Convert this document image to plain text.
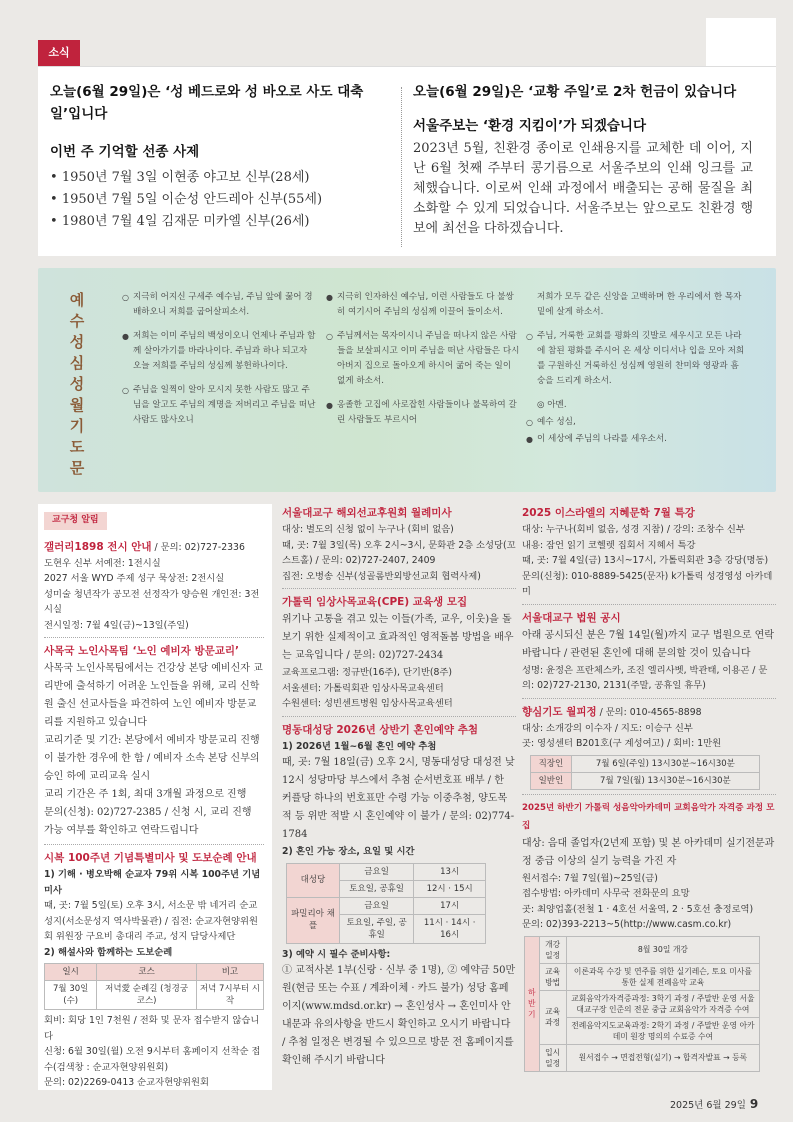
소식
오늘(6월 29일)은 ‘성 베드로와 성 바오로 사도 대축일’입니다
이번 주 기억할 선종 사제
• 1950년 7월 3일 이현종 야고보 신부(28세)
• 1950년 7월 5일 이순성 안드레아 신부(55세)
• 1980년 7월 4일 김재문 미카엘 신부(26세)
오늘(6월 29일)은 ‘교황 주일’로 2차 헌금이 있습니다
서울주보는 ‘환경 지킴이’가 되겠습니다
2023년 5월, 친환경 종이로 인쇄용지를 교체한 데 이어, 지난 6월 첫째 주부터 콩기름으로 서울주보의 인쇄 잉크를 교체했습니다. 이로써 인쇄 과정에서 배출되는 공해 물질을 최소화할 수 있게 되었습니다. 서울주보는 앞으로도 친환경 행보에 최선을 다하겠습니다.
예
수
성
심
성
월
기
도
문

○ 지극히 어지신 구세주 예수님, 주님 앞에 꿇어 경배하오니 저희를 굽어살피소서.

● 저희는 이미 주님의 백성이오니 언제나 주님과 함께 살아가기를 바라나이다. 주님과 하나 되고자 오늘 저희를 주님의 성심께 봉헌하나이다.

○ 주님을 일찍이 알아 모시지 못한 사람도 많고 주님을 알고도 주님의 계명을 저버리고 주님을 떠난 사람도 많사오니

● 지극히 인자하신 예수님, 이런 사람들도 다 불쌍히 여기시어 주님의 성심께 이끌어 들이소서.

○ 주님께서는 목자이시니 주님을 떠나지 않은 사람들을 보살피시고 이미 주님을 떠난 사람들은 다시 아버지 집으로 돌아오게 하시어 굶어 죽는 일이 없게 하소서.

● 옹졸한 고집에 사로잡힌 사람들이나 불목하여 갈린 사람들도 부르시어

저희가 모두 같은 신앙을 고백하며 한 우리에서 한 목자 밑에 살게 하소서.

○ 주님, 거룩한 교회를 평화의 깃발로 세우시고 모든 나라에 참된 평화를 주시어 온 세상 이디서나 입을 모아 저희를 구원하신 거룩하신 성심께 영원히 찬미와 영광과 흠숭을 드리게 하소서.

◎ 아멘.

○ 예수 성심,

● 이 세상에 주님의 나라를 세우소서.

교구청 알림
갤러리1898 전시 안내 / 문의: 02)727-2336
도현우 신부 서예전: 1전시실
2027 서울 WYD 주제 성구 묵상전: 2전시실
성미술 청년작가 공모전 선정작가 양승원 개인전: 3전시실
전시일정: 7월 4일(금)~13일(주일)
사목국 노인사목팀 ‘노인 예비자 방문교리’
사목국 노인사목팀에서는 건강상 본당 예비신자 교리반에 출석하기 어려운 노인들을 위해, 교리 신학원 출신 선교사들을 파견하여 노인 예비자 방문교리를 지원하고 있습니다
교리기준 및 기간: 본당에서 예비자 방문교리 진행이 불가한 경우에 한 함 / 예비자 소속 본당 신부의 승인 하에 교리교육 실시
교리 기간은 주 1회, 최대 3개월 과정으로 진행
문의(신청): 02)727-2385 / 신청 시, 교리 진행 가능 여부를 확인하고 연락드립니다
시복 100주년 기념특별미사 및 도보순례 안내
1) 기해 · 병오박해 순교자 79위 시복 100주년 기념미사
때, 곳: 7월 5일(토) 오후 3시, 서소문 밖 네거리 순교성지(서소문성지 역사박물관) / 집전: 순교자현양위원회 위원장 구요비 총대리 주교, 성지 담당사제단
2) 해설사와 함께하는 도보순례
일시	코스	비고
7월 30일(수)	저녁愛 순례길 (청경궁 코스)	저녁 7시부터 시작
회비: 회당 1인 7천원 / 전화 및 문자 접수받지 않습니다
신청: 6월 30일(월) 오전 9시부터 홈페이지 선착순 접수(검색창 : 순교자현양위원회)
문의: 02)2269-0413 순교자현양위원회
서울대교구 해외선교후원회 월례미사
대상: 별도의 신청 없이 누구나 (회비 없음)
때, 곳: 7월 3일(목) 오후 2시~3시, 문화관 2층 소성당(꼬스트홀) / 문의: 02)727-2407, 2409
집전: 오병송 신부(성골롬반외방선교회 협력사제)
가톨릭 임상사목교육(CPE) 교육생 모집
위기나 고통을 겪고 있는 이들(가족, 교우, 이웃)을 돌보기 위한 실제적이고 효과적인 영적돌봄 방법을 배우는 교육입니다 / 문의: 02)727-2434
교육프로그램: 정규반(16주), 단기반(8주)
서울센터: 가톨릭회관 임상사목교육센터
수원센터: 성빈센트병원 임상사목교육센터
명동대성당 2026년 상반기 혼인예약 추첨
1) 2026년 1월~6월 혼인 예약 추첨
때, 곳: 7월 18일(금) 오후 2시, 명동대성당 대성전 낮 12시 성당마당 부스에서 추첨 순서번호표 배부 / 한 커플당 하나의 번호표만 수령 가능 이중추첨, 양도목적 등 위반 적발 시 혼인예약 이 불가 / 문의: 02)774-1784
2) 혼인 가능 장소, 요일 및 시간
대성당	금요일	13시
	토요일, 공휴일	12시 · 15시
파밀리아 채플	금요일	17시
	토요일, 주일, 공휴일	11시 · 14시 · 16시
3) 예약 시 필수 준비사항:
① 교적사본 1부(신랑 · 신부 중 1명), ② 예약금 50만원(현금 또는 수표 / 계좌이체 · 카드 불가) 성당 홈페이지(www.mdsd.or.kr) → 혼인성사 → 혼인미사 안내문과 유의사항을 반드시 확인하고 오시기 바랍니다 / 추첨 일정은 변경될 수 있으므로 방문 전 홈페이지를 확인해 주시기 바랍니다
2025 이스라엘의 지혜문학 7월 특강
대상: 누구나(회비 없음, 성경 지참) / 강의: 조창수 신부
내용: 잠언 읽기 코헬렛 집회서 지혜서 특강
때, 곳: 7월 4일(금) 13시~17시, 가톨릭회관 3층 강당(명동)
문의(신청): 010-8889-5425(문자) k가톨릭 성경영성 아카데미
서울대교구 법원 공시
아래 공시되신 분은 7월 14일(월)까지 교구 법원으로 연락바랍니다 / 관련된 혼인에 대해 문의할 것이 있습니다
성명: 윤정은 프란체스카, 조진 엘리사벳, 박관태, 이용곤 / 문의: 02)727-2130, 2131(주말, 공휴일 휴무)
향심기도 월피정 / 문의: 010-4565-8898
대상: 소개강의 이수자 / 지도: 이승구 신부
곳: 영성센터 B201호(구 계성여고) / 회비: 1만원
직장인	7월 6일(주일) 13시30분~16시30분
일반인	7월 7일(월) 13시30분~16시30분
2025년 하반기 가톨릭 성음악아카데미 교회음악가 자격증 과정 모집
대상: 음대 졸업자(2년제 포함) 및 본 아카데미 실기전문과정 중급 이상의 실기 능력을 가진 자
원서접수: 7월 7일(월)~25일(금)
접수방법: 아카데미 사무국 전화문의 요망
곳: 최양업홀(전철 1 · 4호선 서울역, 2 · 5호선 충정로역)
문의: 02)393-2213~5(http://www.casm.co.kr)
하반기	개강 일정	8월 30일 개강
	교육 방법	이론과목 수강 및 연주를 위한 실기레슨, 토요 미사를 통한 실제 전례음악 교육
	교육 과정	교회음악가자격증과정: 3학기 과정 / 주말반 운영 서울대교구장 인준의 전문 중급 교회음악가 자격증 수여
		전례음악지도교육과정: 2학기 과정 / 주말반 운영 아카데미 원장 명의의 수료증 수여
	입시 일정	원서접수 → 면접전형(실기) → 합격자발표 → 등록
2025년 6월 29일 9
